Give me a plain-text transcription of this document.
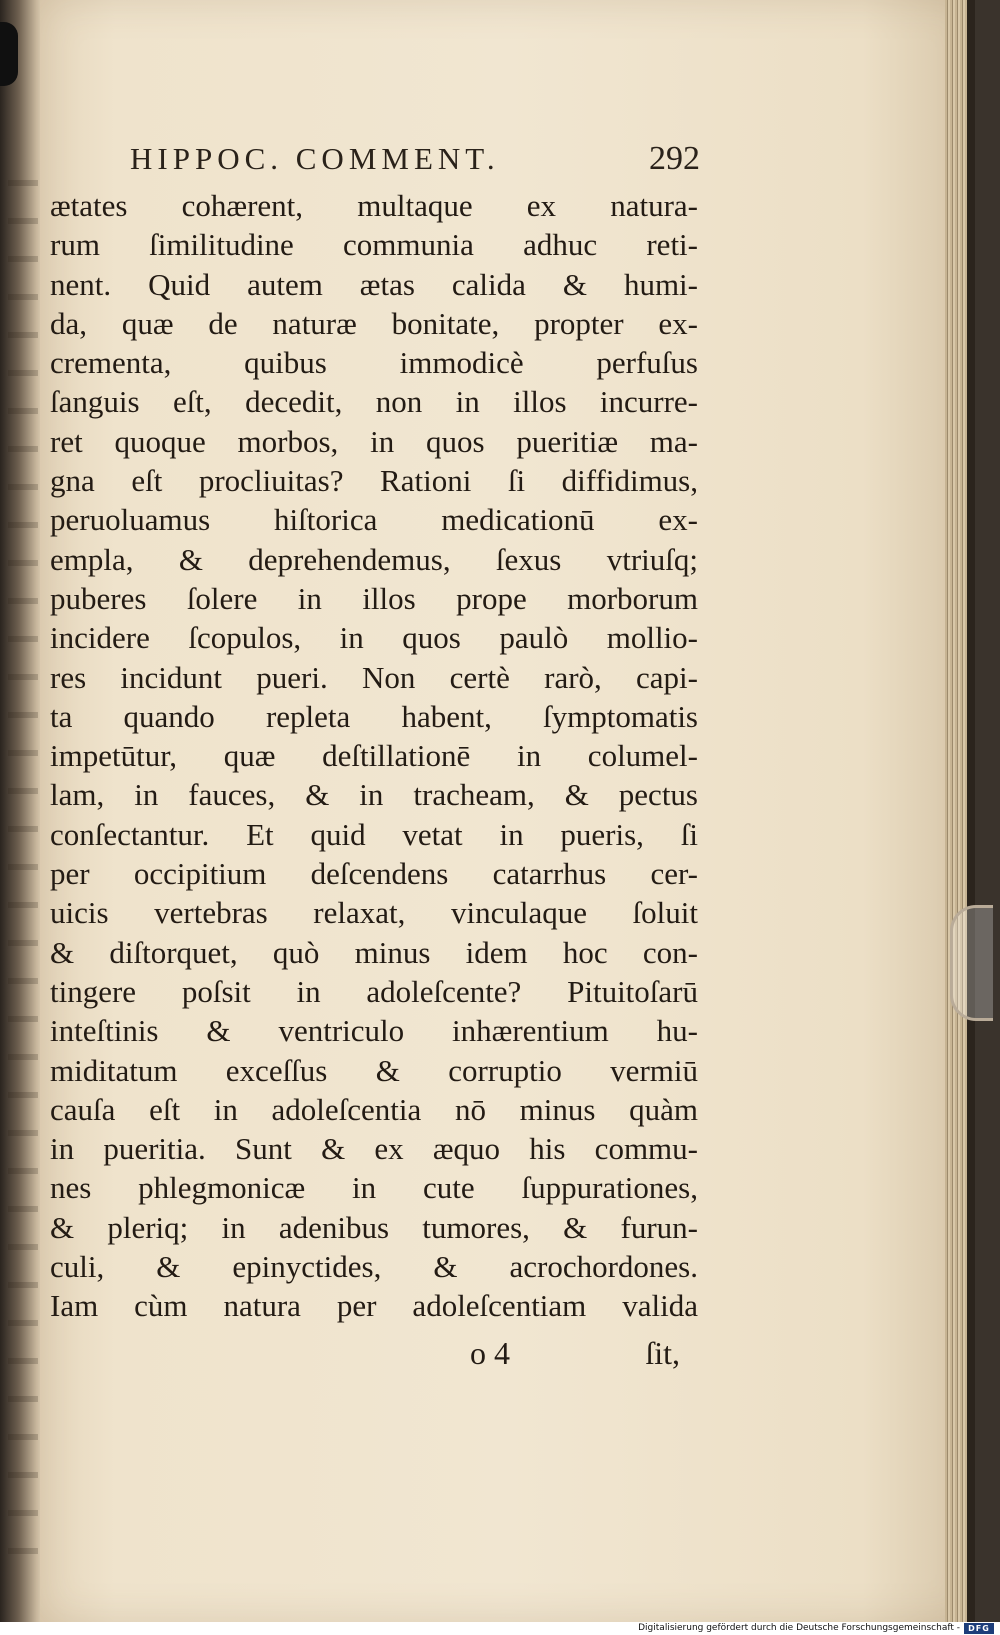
HIPPOC. COMMENT.	292
ætates cohærent, multaque ex natura-
rum ſimilitudine communia adhuc reti-
nent. Quid autem ætas calida & humi-
da, quæ de naturæ bonitate, propter ex-
crementa, quibus immodicè perfuſus
ſanguis eſt, decedit, non in illos incurre-
ret quoque morbos, in quos pueritiæ ma-
gna eſt procliuitas? Rationi ſi diffidimus,
peruoluamus hiſtorica medicationū ex-
empla, & deprehendemus, ſexus vtriuſq;
puberes ſolere in illos prope morborum
incidere ſcopulos, in quos paulò mollio-
res incidunt pueri. Non certè rarò, capi-
ta quando repleta habent, ſymptomatis
impetūtur, quæ deſtillationē in columel-
lam, in fauces, & in tracheam, & pectus
conſectantur. Et quid vetat in pueris, ſi
per occipitium deſcendens catarrhus cer-
uicis vertebras relaxat, vinculaque ſoluit
& diſtorquet, quò minus idem hoc con-
tingere poſsit in adoleſcente? Pituitoſarū
inteſtinis & ventriculo inhærentium hu-
miditatum exceſſus & corruptio vermiū
cauſa eſt in adoleſcentia nō minus quàm
in pueritia. Sunt & ex æquo his commu-
nes phlegmonicæ in cute ſuppurationes,
& pleriq; in adenibus tumores, & furun-
culi, & epinyctides, & acrochordones.
Iam cùm natura per adoleſcentiam valida
o 4	ſit,
Digitalisierung gefördert durch die Deutsche Forschungsgemeinschaft -	DFG
